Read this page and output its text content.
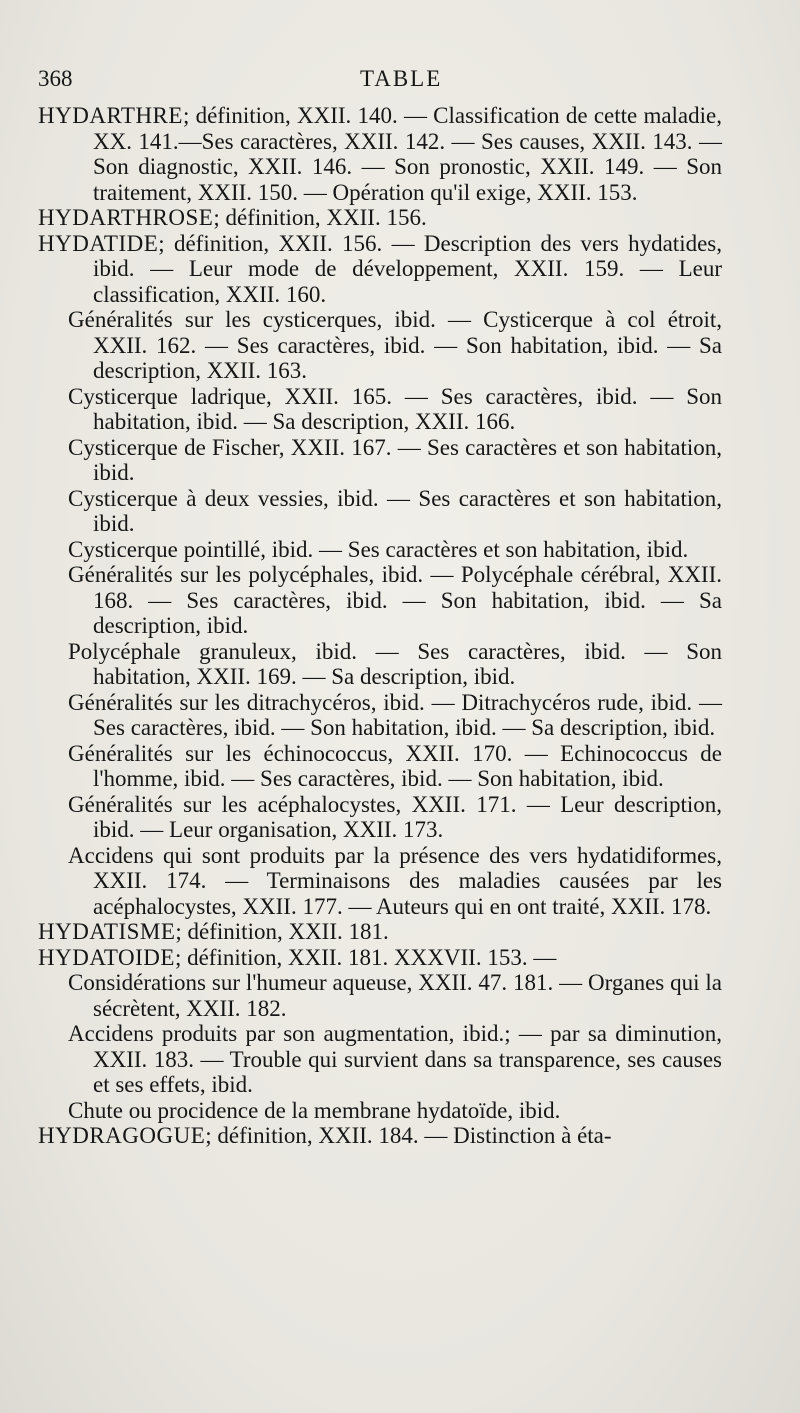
368	TABLE

HYDARTHRE; définition, XXII. 140. — Classification de cette maladie, XX. 141.—Ses caractères, XXII. 142. — Ses causes, XXII. 143. — Son diagnostic, XXII. 146. — Son pronostic, XXII. 149. — Son traitement, XXII. 150. — Opération qu'il exige, XXII. 153.

HYDARTHROSE; définition, XXII. 156.

HYDATIDE; définition, XXII. 156. — Description des vers hydatides, ibid. — Leur mode de développement, XXII. 159. — Leur classification, XXII. 160.

Généralités sur les cysticerques, ibid. — Cysticerque à col étroit, XXII. 162. — Ses caractères, ibid. — Son habitation, ibid. — Sa description, XXII. 163.

Cysticerque ladrique, XXII. 165. — Ses caractères, ibid. — Son habitation, ibid. — Sa description, XXII. 166.

Cysticerque de Fischer, XXII. 167. — Ses caractères et son habitation, ibid.

Cysticerque à deux vessies, ibid. — Ses caractères et son habitation, ibid.

Cysticerque pointillé, ibid. — Ses caractères et son habitation, ibid.

Généralités sur les polycéphales, ibid. — Polycéphale cérébral, XXII. 168. — Ses caractères, ibid. — Son habitation, ibid. — Sa description, ibid.

Polycéphale granuleux, ibid. — Ses caractères, ibid. — Son habitation, XXII. 169. — Sa description, ibid.

Généralités sur les ditrachycéros, ibid. — Ditrachycéros rude, ibid. — Ses caractères, ibid. — Son habitation, ibid. — Sa description, ibid.

Généralités sur les échinococcus, XXII. 170. — Echinococcus de l'homme, ibid. — Ses caractères, ibid. — Son habitation, ibid.

Généralités sur les acéphalocystes, XXII. 171. — Leur description, ibid. — Leur organisation, XXII. 173.

Accidens qui sont produits par la présence des vers hydatidiformes, XXII. 174. — Terminaisons des maladies causées par les acéphalocystes, XXII. 177. — Auteurs qui en ont traité, XXII. 178.

HYDATISME; définition, XXII. 181.

HYDATOIDE; définition, XXII. 181. XXXVII. 153. —

Considérations sur l'humeur aqueuse, XXII. 47. 181. — Organes qui la sécrètent, XXII. 182.

Accidens produits par son augmentation, ibid.; — par sa diminution, XXII. 183. — Trouble qui survient dans sa transparence, ses causes et ses effets, ibid.

Chute ou procidence de la membrane hydatoïde, ibid.

HYDRAGOGUE; définition, XXII. 184. — Distinction à éta-
